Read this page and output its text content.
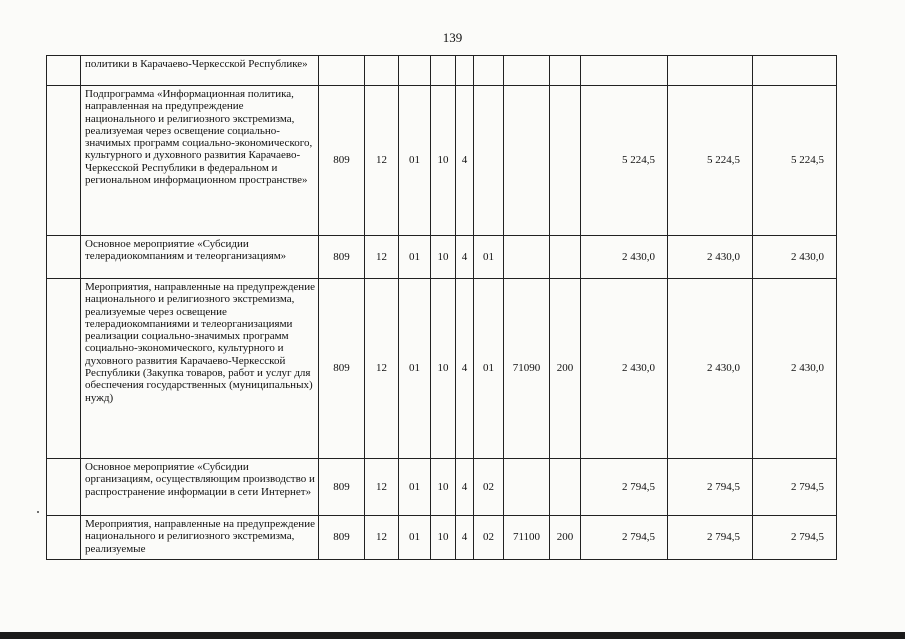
139
	политики в Карачаево-Черкесской Республике»											
	Подпрограмма «Информационная политика, направленная на предупреждение национального и религиозного экстремизма, реализуемая через освещение социально-значимых программ социально-экономического, культурного и духовного развития Карачаево-Черкесской Республики в федеральном и региональном информационном пространстве»	809	12	01	10	4				5 224,5	5 224,5	5 224,5
	Основное мероприятие «Субсидии телерадиокомпаниям и телеорганизациям»	809	12	01	10	4	01			2 430,0	2 430,0	2 430,0
	Мероприятия, направленные на предупреждение национального и религиозного экстремизма, реализуемые через освещение телерадиокомпаниями и телеорганизациями реализации социально-значимых программ социально-экономического, культурного и духовного развития Карачаево-Черкесской Республики (Закупка товаров, работ и услуг для обеспечения государственных (муниципальных) нужд)	809	12	01	10	4	01	71090	200	2 430,0	2 430,0	2 430,0
	Основное мероприятие «Субсидии организациям, осуществляющим производство и распространение информации в сети Интернет»	809	12	01	10	4	02			2 794,5	2 794,5	2 794,5
	Мероприятия, направленные на предупреждение национального и религиозного экстремизма, реализуемые	809	12	01	10	4	02	71100	200	2 794,5	2 794,5	2 794,5
